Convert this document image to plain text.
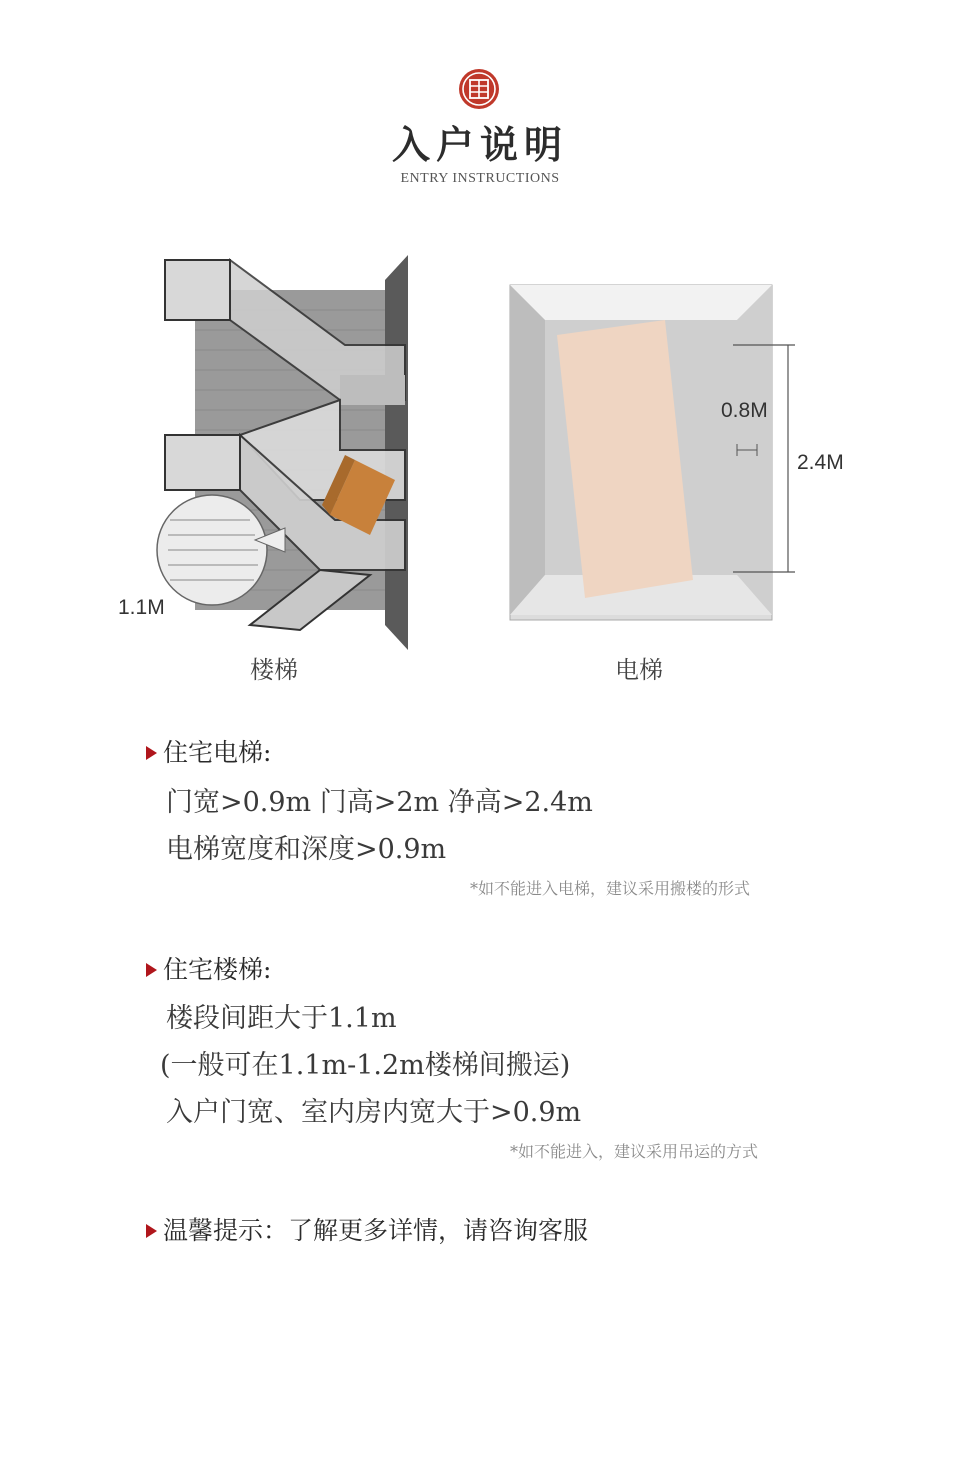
入户说明
ENTRY INSTRUCTIONS
1.1M
楼梯
0.8M
2.4M
电梯
住宅电梯:
门宽>0.9m 门高>2m 净高>2.4m
电梯宽度和深度>0.9m
*如不能进入电梯，建议采用搬楼的形式
住宅楼梯:
楼段间距大于1.1m
(一般可在1.1m-1.2m楼梯间搬运)
入户门宽、室内房内宽大于>0.9m
*如不能进入，建议采用吊运的方式
温馨提示：了解更多详情，请咨询客服
